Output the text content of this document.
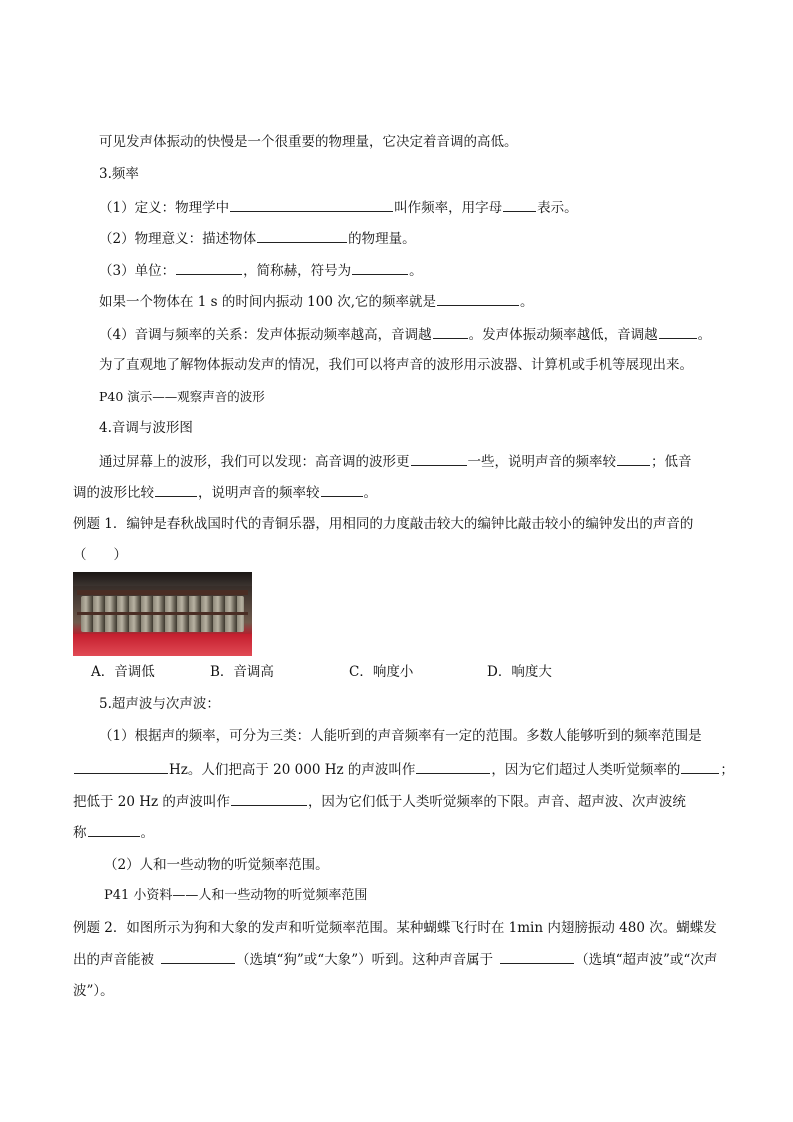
可见发声体振动的快慢是一个很重要的物理量，它决定着音调的高低。
3.频率
（1）定义：物理学中	叫作频率，用字母	表示。
（2）物理意义：描述物体	的物理量。
（3）单位：	，简称赫，符号为	。
如果一个物体在 1 s 的时间内振动 100 次,它的频率就是	。
（4）音调与频率的关系：发声体振动频率越高，音调越	。发声体振动频率越低，音调越	。
为了直观地了解物体振动发声的情况，我们可以将声音的波形用示波器、计算机或手机等展现出来。
P40 演示——观察声音的波形
4.音调与波形图
通过屏幕上的波形，我们可以发现：高音调的波形更	一些，说明声音的频率较	；低音
调的波形比较	，说明声音的频率较	。
例题 1．编钟是春秋战国时代的青铜乐器，用相同的力度敲击较大的编钟比敲击较小的编钟发出的声音的
（　　）
A．音调低	B．音调高	C．响度小	D．响度大
5.超声波与次声波：
（1）根据声的频率，可分为三类：人能听到的声音频率有一定的范围。多数人能够听到的频率范围是
Hz。人们把高于 20 000 Hz 的声波叫作	，因为它们超过人类听觉频率的	；
把低于 20 Hz 的声波叫作	，因为它们低于人类听觉频率的下限。声音、超声波、次声波统
称	。
（2）人和一些动物的听觉频率范围。
P41 小资料——人和一些动物的听觉频率范围
例题 2．如图所示为狗和大象的发声和听觉频率范围。某种蝴蝶飞行时在 1min 内翅膀振动 480 次。蝴蝶发
出的声音能被	（选填“狗”或“大象”）听到。这种声音属于	（选填“超声波”或“次声
波”）。
